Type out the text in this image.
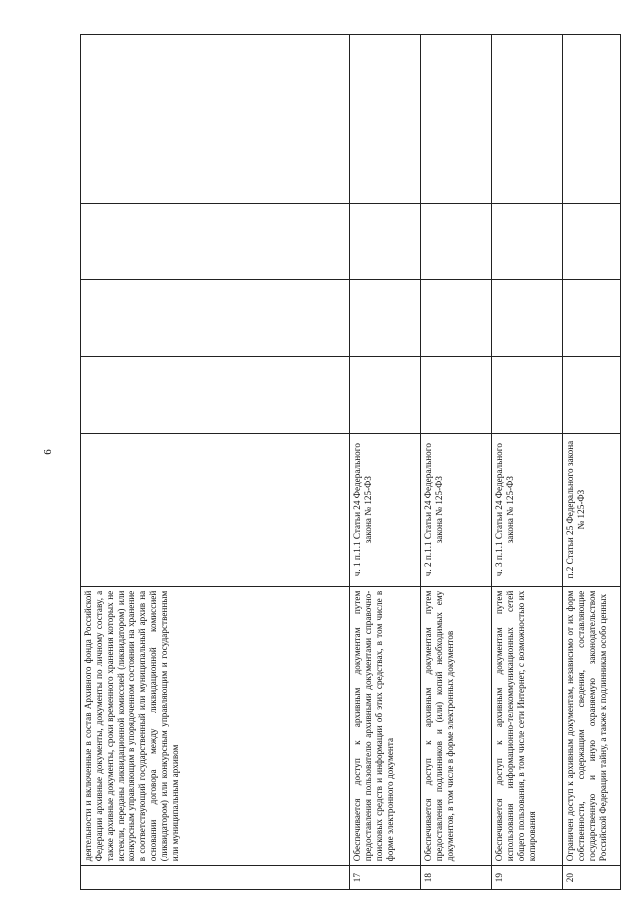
6
	деятельности и включенные в состав Архивного фонда Российской Федерации архивные документы, документы по личному составу, а также архивные документы, сроки временного хранения которых не истекли, переданы ликвидационной комиссией (ликвидатором) или конкурсным управляющим в упорядоченном состоянии на хранение в соответствующий государственный или муниципальный архив на основании договора между ликвидационной комиссией (ликвидатором) или конкурсным управляющим и государственным или муниципальным архивом					
17	Обеспечивается доступ к архивным документам путем предоставления пользователю архивными документами справочно-поисковых средств и информации об этих средствах, в том числе в форме электронного документа	ч. 1 п.1.1 Статьи 24 Федерального закона № 125-ФЗ				
18	Обеспечивается доступ к архивным документам путем предоставления подлинников и (или) копий необходимых ему документов, в том числе в форме электронных документов	ч. 2 п.1.1 Статьи 24 Федерального закона № 125-ФЗ				
19	Обеспечивается доступ к архивным документам путем использования информационно-телекоммуникационных сетей общего пользования, в том числе сети Интернет, с возможностью их копирования	ч. 3 п.1.1 Статьи 24 Федерального закона № 125-ФЗ				
20	Ограничен доступ к архивным документам, независимо от их форм собственности, содержащим сведения, составляющие государственную и иную охраняемую законодательством Российской Федерации тайну, а также к подлинникам особо ценных	п.2 Статьи 25 Федерального закона № 125-ФЗ				
